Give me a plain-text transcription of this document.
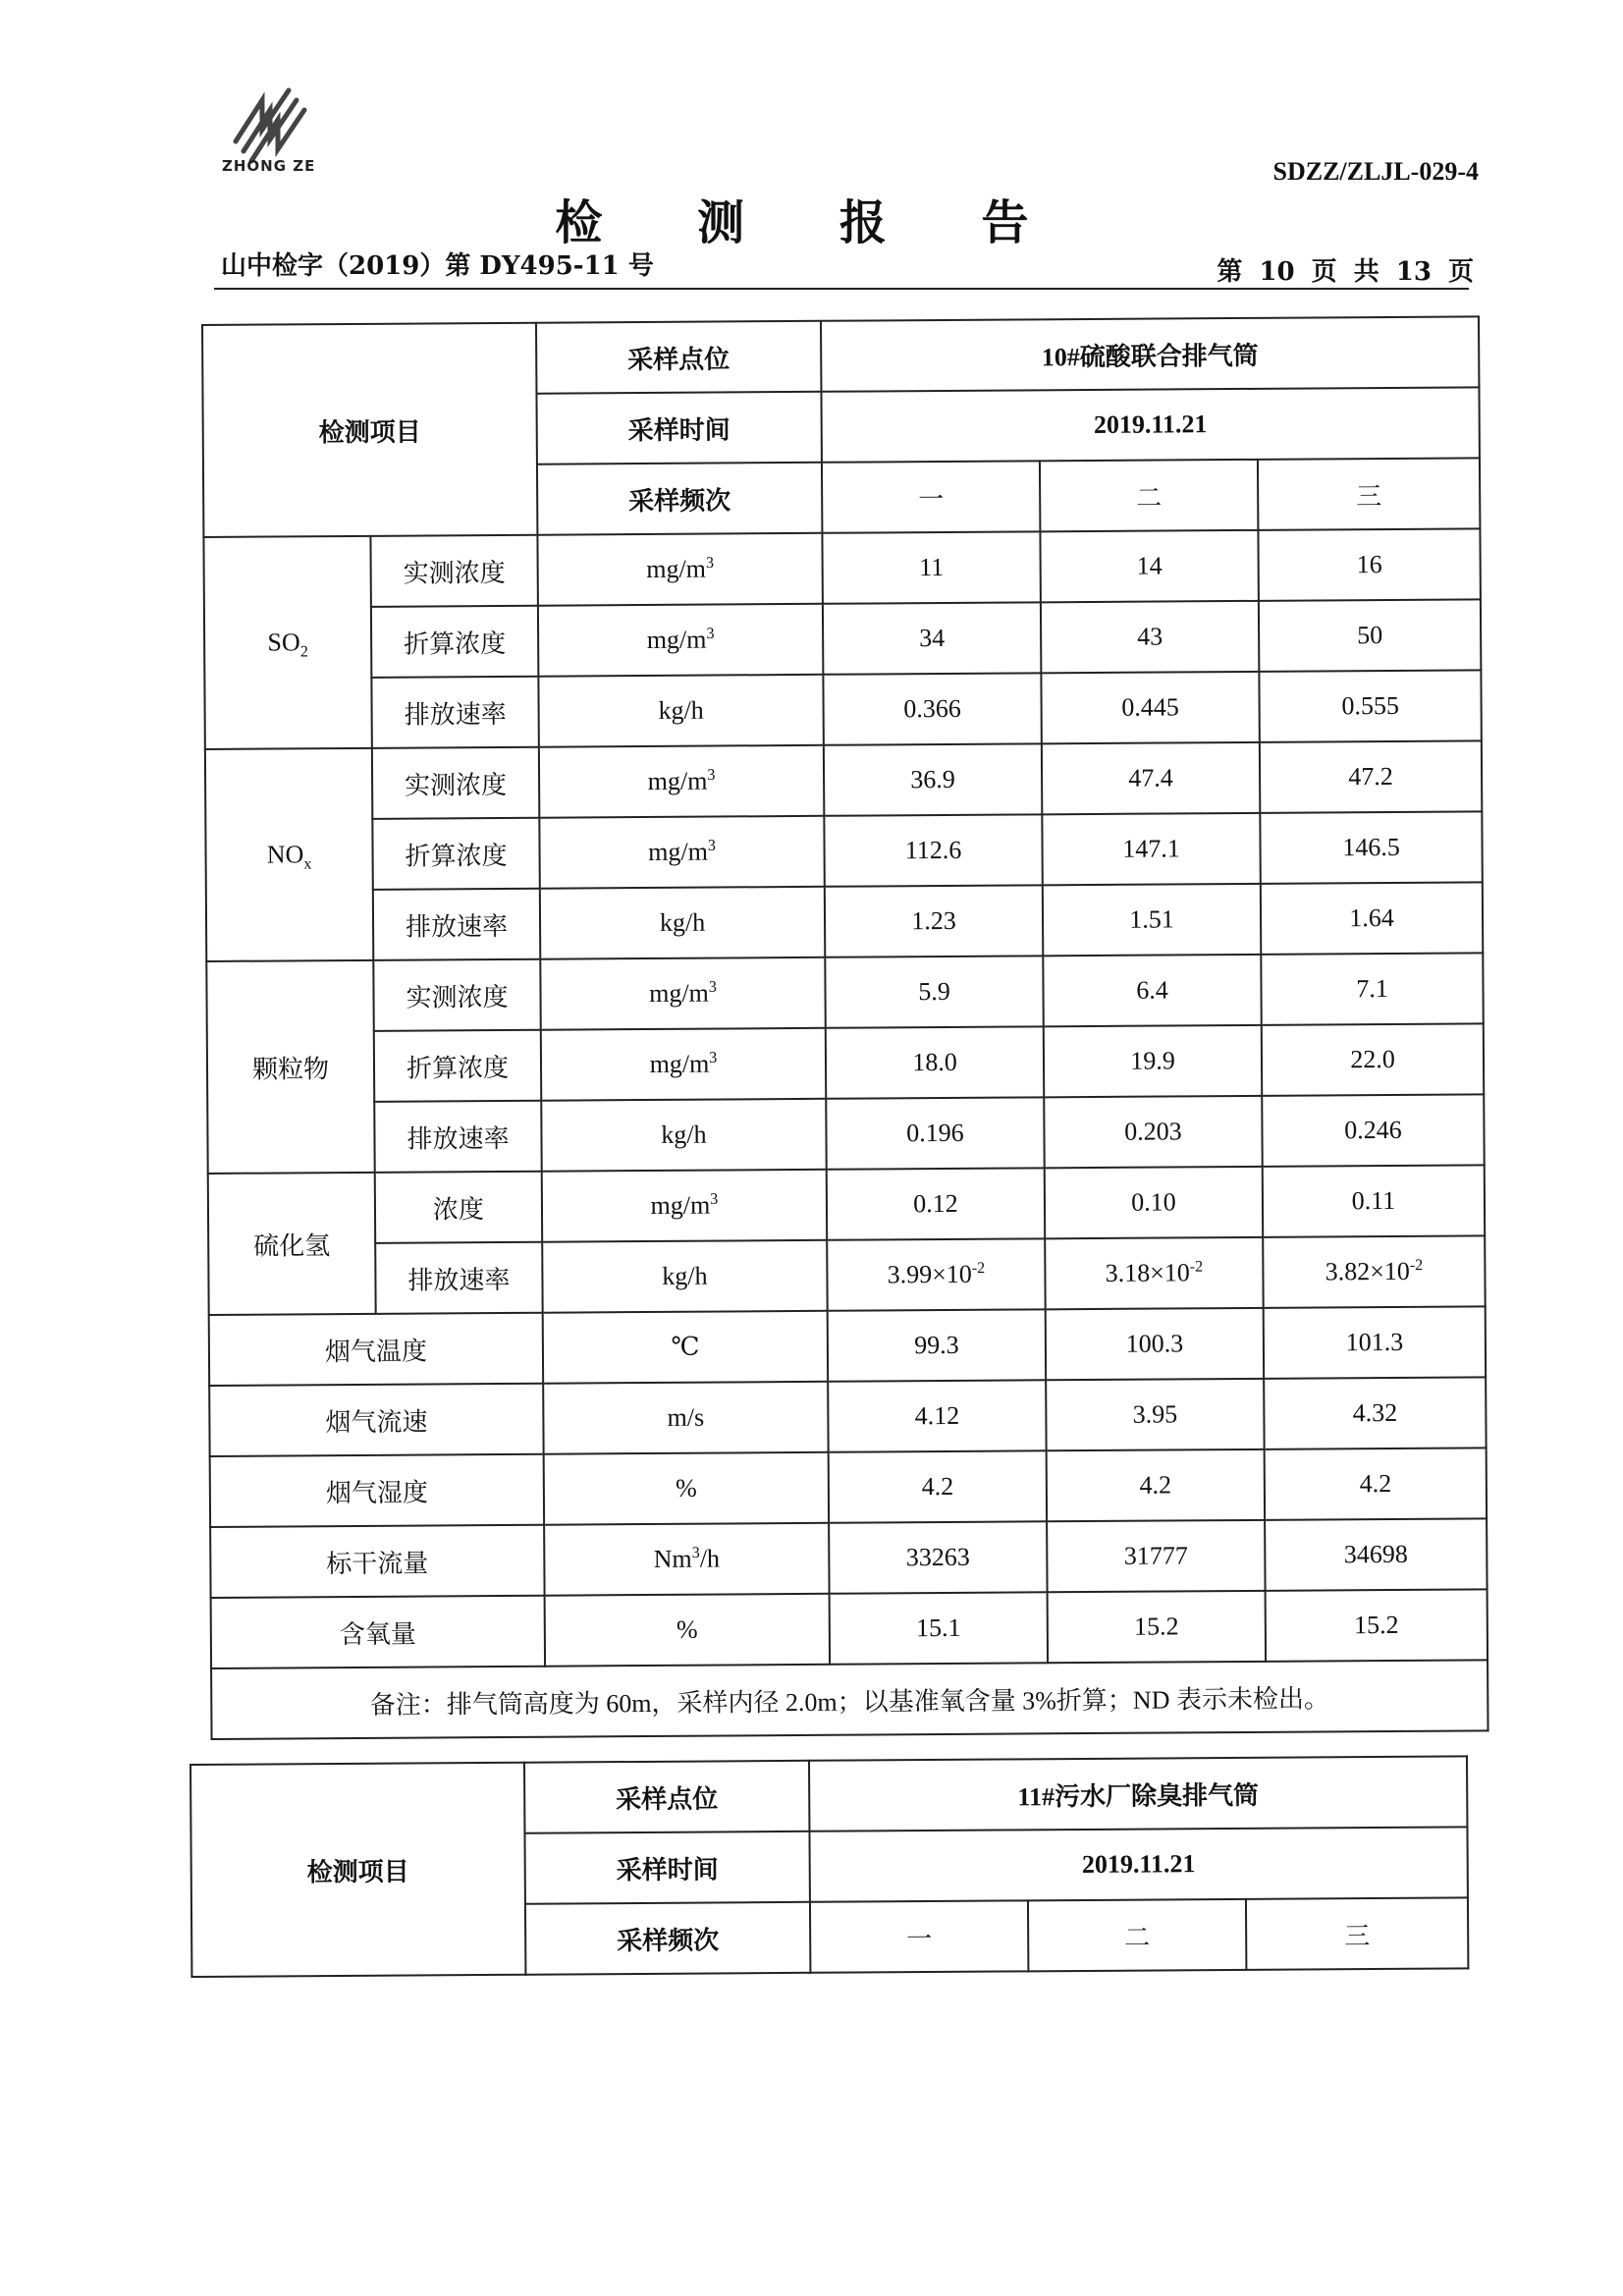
ZHONG ZE	SDZZ/ZLJL-029-4
检 测 报 告
山中检字（2019）第 DY495-11 号	第 10 页 共 13 页
检测项目		采样点位	10#硫酸联合排气筒		
		采样时间	2019.11.21		
		采样频次	一	二	三
$SO_2$	实测浓度	$mg/m^3$	11	14	16
	折算浓度	$mg/m^3$	34	43	50
	排放速率	kg/h	0.366	0.445	0.555
$NO_x$	实测浓度	$mg/m^3$	36.9	47.4	47.2
	折算浓度	$mg/m^3$	112.6	147.1	146.5
	排放速率	kg/h	1.23	1.51	1.64
颗粒物	实测浓度	$mg/m^3$	5.9	6.4	7.1
	折算浓度	$mg/m^3$	18.0	19.9	22.0
	排放速率	kg/h	0.196	0.203	0.246
硫化氢	浓度	$mg/m^3$	0.12	0.10	0.11
	排放速率	kg/h	$3.99\times 10^{-2}$	$3.18\times 10^{-2}$	$3.82\times 10^{-2}$
烟气温度		℃	99.3	100.3	101.3
烟气流速		m/s	4.12	3.95	4.32
烟气湿度		%	4.2	4.2	4.2
标干流量		Nm$^3$/h	33263	31777	34698
含氧量		%	15.1	15.2	15.2
备注：排气筒高度为 60m，采样内径 2.0m；以基准氧含量 3%折算；ND 表示未检出。					
检测项目	采样点位	11#污水厂除臭排气筒		
	采样时间	2019.11.21		
	采样频次	一	二	三
